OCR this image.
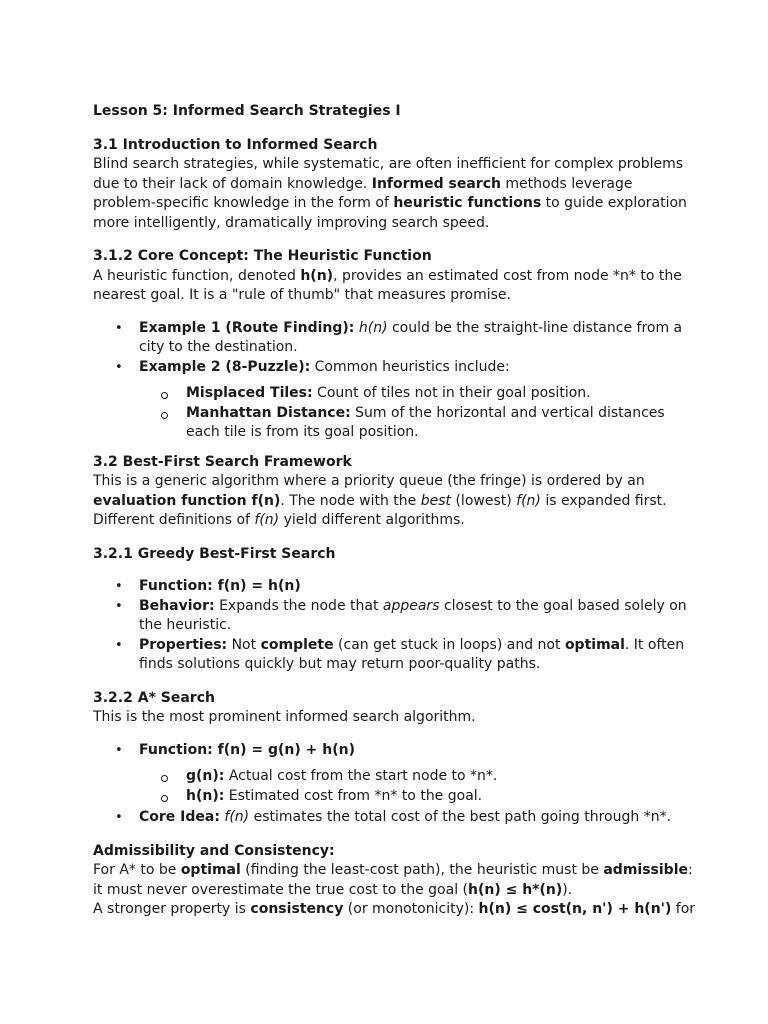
Lesson 5: Informed Search Strategies I
3.1 Introduction to Informed Search

Blind search strategies, while systematic, are often inefficient for complex problems due to their lack of domain knowledge. Informed search methods leverage problem-specific knowledge in the form of heuristic functions to guide exploration more intelligently, dramatically improving search speed.

3.1.2 Core Concept: The Heuristic Function

A heuristic function, denoted h(n), provides an estimated cost from node *n* to the nearest goal. It is a "rule of thumb" that measures promise.

• Example 1 (Route Finding): h(n) could be the straight-line distance from a city to the destination.
• Example 2 (8-Puzzle): Common heuristics include:
Misplaced Tiles: Count of tiles not in their goal position.
Manhattan Distance: Sum of the horizontal and vertical distances each tile is from its goal position.
3.2 Best-First Search Framework

This is a generic algorithm where a priority queue (the fringe) is ordered by an evaluation function f(n). The node with the best (lowest) f(n) is expanded first. Different definitions of f(n) yield different algorithms.

3.2.1 Greedy Best-First Search
• Function: f(n) = h(n)
• Behavior: Expands the node that appears closest to the goal based solely on the heuristic.
• Properties: Not complete (can get stuck in loops) and not optimal. It often finds solutions quickly but may return poor-quality paths.
3.2.2 A* Search

This is the most prominent informed search algorithm.

• Function: f(n) = g(n) + h(n)
g(n): Actual cost from the start node to *n*.
h(n): Estimated cost from *n* to the goal.
• Core Idea: f(n) estimates the total cost of the best path going through *n*.
Admissibility and Consistency:

For A* to be optimal (finding the least-cost path), the heuristic must be admissible: it must never overestimate the true cost to the goal (h(n) ≤ h*(n)).

A stronger property is consistency (or monotonicity): h(n) ≤ cost(n, n') + h(n') for
